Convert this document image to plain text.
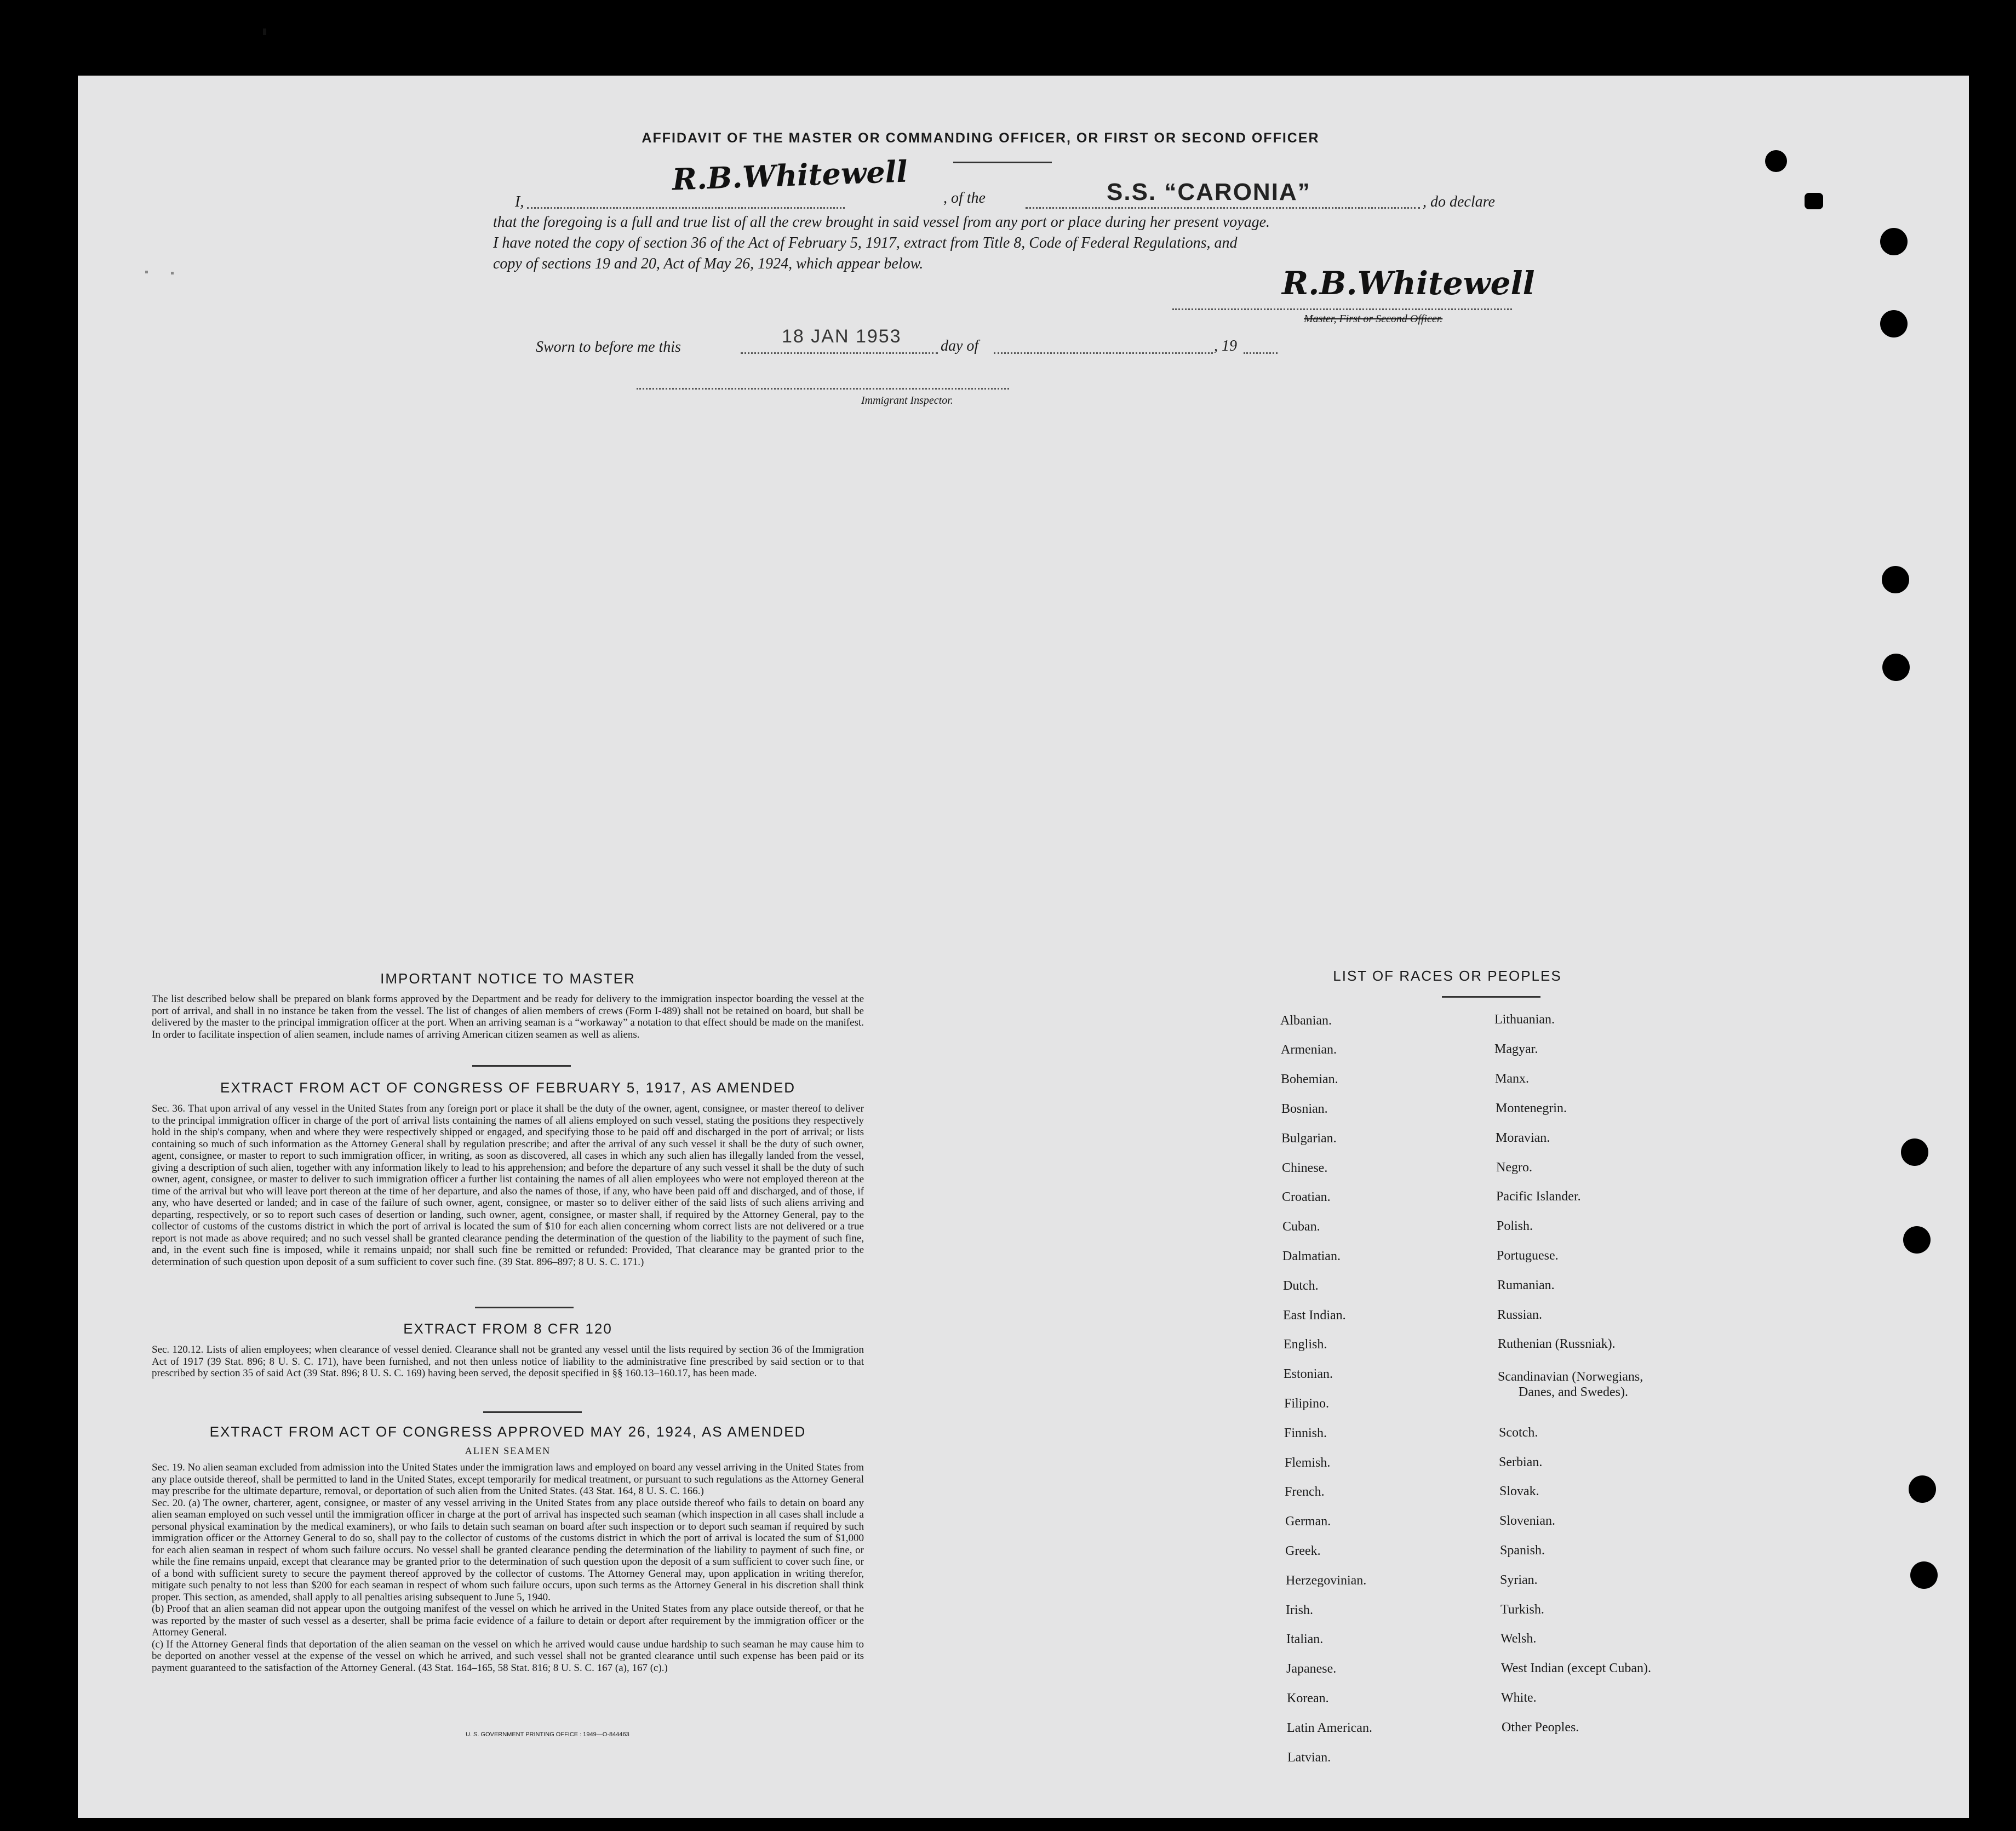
AFFIDAVIT OF THE MASTER OR COMMANDING OFFICER, OR FIRST OR SECOND OFFICER
I,
R.B.Whitewell
, of the	S.S. “CARONIA”	, do declare
that the foregoing is a full and true list of all the crew brought in said vessel from any port or place during her present voyage.
I have noted the copy of section 36 of the Act of February 5, 1917, extract from Title 8, Code of Federal Regulations, and
copy of sections 19 and 20, Act of May 26, 1924, which appear below.
R.B.Whitewell
Master, First or Second Officer.
Sworn to before me this
18 JAN 1953	day of	, 19
Immigrant Inspector.
IMPORTANT NOTICE TO MASTER

The list described below shall be prepared on blank forms approved by the Department and be ready for delivery to the immigration inspector boarding the vessel at the port of arrival, and shall in no instance be taken from the vessel. The list of changes of alien members of crews (Form I-489) shall not be retained on board, but shall be delivered by the master to the principal immigration officer at the port. When an arriving seaman is a “workaway” a notation to that effect should be made on the manifest. In order to facilitate inspection of alien seamen, include names of arriving American citizen seamen as well as aliens.

EXTRACT FROM ACT OF CONGRESS OF FEBRUARY 5, 1917, AS AMENDED

Sec. 36. That upon arrival of any vessel in the United States from any foreign port or place it shall be the duty of the owner, agent, consignee, or master thereof to deliver to the principal immigration officer in charge of the port of arrival lists containing the names of all aliens employed on such vessel, stating the positions they respectively hold in the ship's company, when and where they were respectively shipped or engaged, and specifying those to be paid off and discharged in the port of arrival; or lists containing so much of such information as the Attorney General shall by regulation prescribe; and after the arrival of any such vessel it shall be the duty of such owner, agent, consignee, or master to report to such immigration officer, in writing, as soon as discovered, all cases in which any such alien has illegally landed from the vessel, giving a description of such alien, together with any information likely to lead to his apprehension; and before the departure of any such vessel it shall be the duty of such owner, agent, consignee, or master to deliver to such immigration officer a further list containing the names of all alien employees who were not employed thereon at the time of the arrival but who will leave port thereon at the time of her departure, and also the names of those, if any, who have been paid off and discharged, and of those, if any, who have deserted or landed; and in case of the failure of such owner, agent, consignee, or master so to deliver either of the said lists of such aliens arriving and departing, respectively, or so to report such cases of desertion or landing, such owner, agent, consignee, or master shall, if required by the Attorney General, pay to the collector of customs of the customs district in which the port of arrival is located the sum of $10 for each alien concerning whom correct lists are not delivered or a true report is not made as above required; and no such vessel shall be granted clearance pending the determination of the question of the liability to the payment of such fine, and, in the event such fine is imposed, while it remains unpaid; nor shall such fine be remitted or refunded: Provided, That clearance may be granted prior to the determination of such question upon deposit of a sum sufficient to cover such fine. (39 Stat. 896–897; 8 U. S. C. 171.)

EXTRACT FROM 8 CFR 120

Sec. 120.12. Lists of alien employees; when clearance of vessel denied. Clearance shall not be granted any vessel until the lists required by section 36 of the Immigration Act of 1917 (39 Stat. 896; 8 U. S. C. 171), have been furnished, and not then unless notice of liability to the administrative fine prescribed by said section or to that prescribed by section 35 of said Act (39 Stat. 896; 8 U. S. C. 169) having been served, the deposit specified in §§ 160.13–160.17, has been made.

EXTRACT FROM ACT OF CONGRESS APPROVED MAY 26, 1924, AS AMENDED
ALIEN SEAMEN

Sec. 19. No alien seaman excluded from admission into the United States under the immigration laws and employed on board any vessel arriving in the United States from any place outside thereof, shall be permitted to land in the United States, except temporarily for medical treatment, or pursuant to such regulations as the Attorney General may prescribe for the ultimate departure, removal, or deportation of such alien from the United States. (43 Stat. 164, 8 U. S. C. 166.)

Sec. 20. (a) The owner, charterer, agent, consignee, or master of any vessel arriving in the United States from any place outside thereof who fails to detain on board any alien seaman employed on such vessel until the immigration officer in charge at the port of arrival has inspected such seaman (which inspection in all cases shall include a personal physical examination by the medical examiners), or who fails to detain such seaman on board after such inspection or to deport such seaman if required by such immigration officer or the Attorney General to do so, shall pay to the collector of customs of the customs district in which the port of arrival is located the sum of $1,000 for each alien seaman in respect of whom such failure occurs. No vessel shall be granted clearance pending the determination of the liability to payment of such fine, or while the fine remains unpaid, except that clearance may be granted prior to the determination of such question upon the deposit of a sum sufficient to cover such fine, or of a bond with sufficient surety to secure the payment thereof approved by the collector of customs. The Attorney General may, upon application in writing therefor, mitigate such penalty to not less than $200 for each seaman in respect of whom such failure occurs, upon such terms as the Attorney General in his discretion shall think proper. This section, as amended, shall apply to all penalties arising subsequent to June 5, 1940.

(b) Proof that an alien seaman did not appear upon the outgoing manifest of the vessel on which he arrived in the United States from any place outside thereof, or that he was reported by the master of such vessel as a deserter, shall be prima facie evidence of a failure to detain or deport after requirement by the immigration officer or the Attorney General.

(c) If the Attorney General finds that deportation of the alien seaman on the vessel on which he arrived would cause undue hardship to such seaman he may cause him to be deported on another vessel at the expense of the vessel on which he arrived, and such vessel shall not be granted clearance until such expense has been paid or its payment guaranteed to the satisfaction of the Attorney General. (43 Stat. 164–165, 58 Stat. 816; 8 U. S. C. 167 (a), 167 (c).)

U. S. GOVERNMENT PRINTING OFFICE : 1949—O-844463
LIST OF RACES OR PEOPLES
Albanian.
Armenian.
Bohemian.
Bosnian.
Bulgarian.
Chinese.
Croatian.
Cuban.
Dalmatian.
Dutch.
East Indian.
English.
Estonian.
Filipino.
Finnish.
Flemish.
French.
German.
Greek.
Herzegovinian.
Irish.
Italian.
Japanese.
Korean.
Latin American.
Latvian.
Lithuanian.
Magyar.
Manx.
Montenegrin.
Moravian.
Negro.
Pacific Islander.
Polish.
Portuguese.
Rumanian.
Russian.
Ruthenian (Russniak).
Scandinavian (Norwegians,
Danes, and Swedes).
Scotch.
Serbian.
Slovak.
Slovenian.
Spanish.
Syrian.
Turkish.
Welsh.
West Indian (except Cuban).
White.
Other Peoples.
